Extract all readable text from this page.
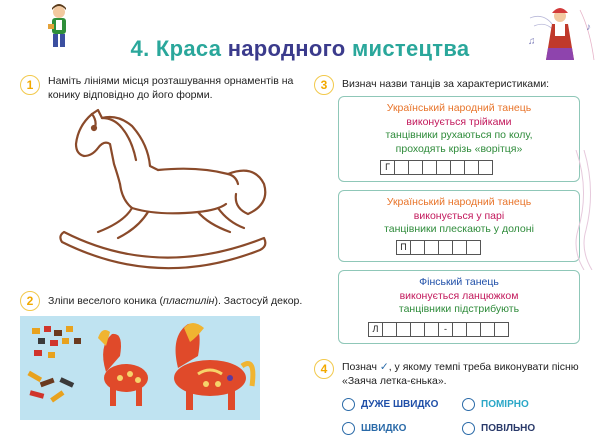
♪
♫
4. Краса народного мистецтва
1	Наміть лініями місця розташування орнаментів на конику відповідно до його форми.
2	Зліпи веселого коника (пластилін). Застосуй декор.
3	Визнач назви танців за характеристиками:
Український народний танець
виконується трійками
танцівники рухаються по колу,
проходять крізь «ворітця»
Г
Український народний танець
виконується у парі
танцівники плескають у долоні
П
Фінський танець
виконується ланцюжком
танцівники підстрибують
Л	-
4	Познач ✓, у якому темпі треба виконувати пісню «Заяча летка-єнька».
ДУЖЕ ШВИДКО	ПОМІРНО
ШВИДКО	ПОВІЛЬНО
